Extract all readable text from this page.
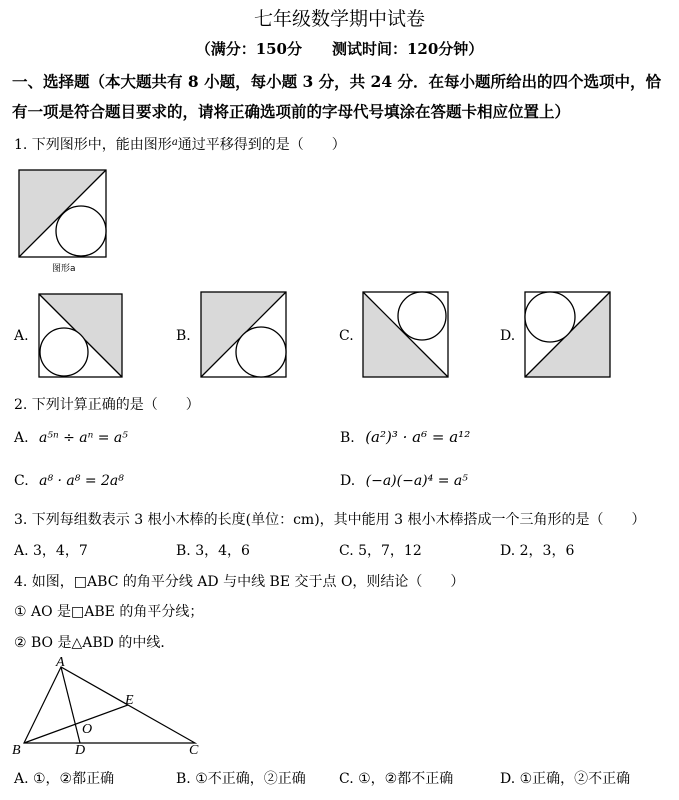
七年级数学期中试卷
（满分：150分　　测试时间：120分钟）
一、选择题（本大题共有 8 小题，每小题 3 分，共 24 分．在每小题所给出的四个选项中，恰
有一项是符合题目要求的，请将正确选项前的字母代号填涂在答题卡相应位置上）
1. 下列图形中，能由图形$^a$通过平移得到的是（　　）
图形a
A.	B.	C.	D.
2. 下列计算正确的是（　　）
A. a⁵ⁿ ÷ aⁿ = a⁵	B. (a²)³ · a⁶ = a¹²
C. a⁸ · a⁸ = 2a⁸	D. (−a)(−a)⁴ = a⁵
3. 下列每组数表示 3 根小木棒的长度(单位：cm)，其中能用 3 根小木棒搭成一个三角形的是（　　）
A. 3，4，7	B. 3，4，6	C. 5，7，12	D. 2，3，6
4. 如图，□ABC 的角平分线 AD 与中线 BE 交于点 O，则结论（　　）
① AO 是□ABE 的角平分线；
② BO 是△ABD 的中线．
A
B	D	C
E
O
A. ①，②都正确	B. ①不正确，②正确 C. ①，②都不正确	D. ①正确，②不正确
